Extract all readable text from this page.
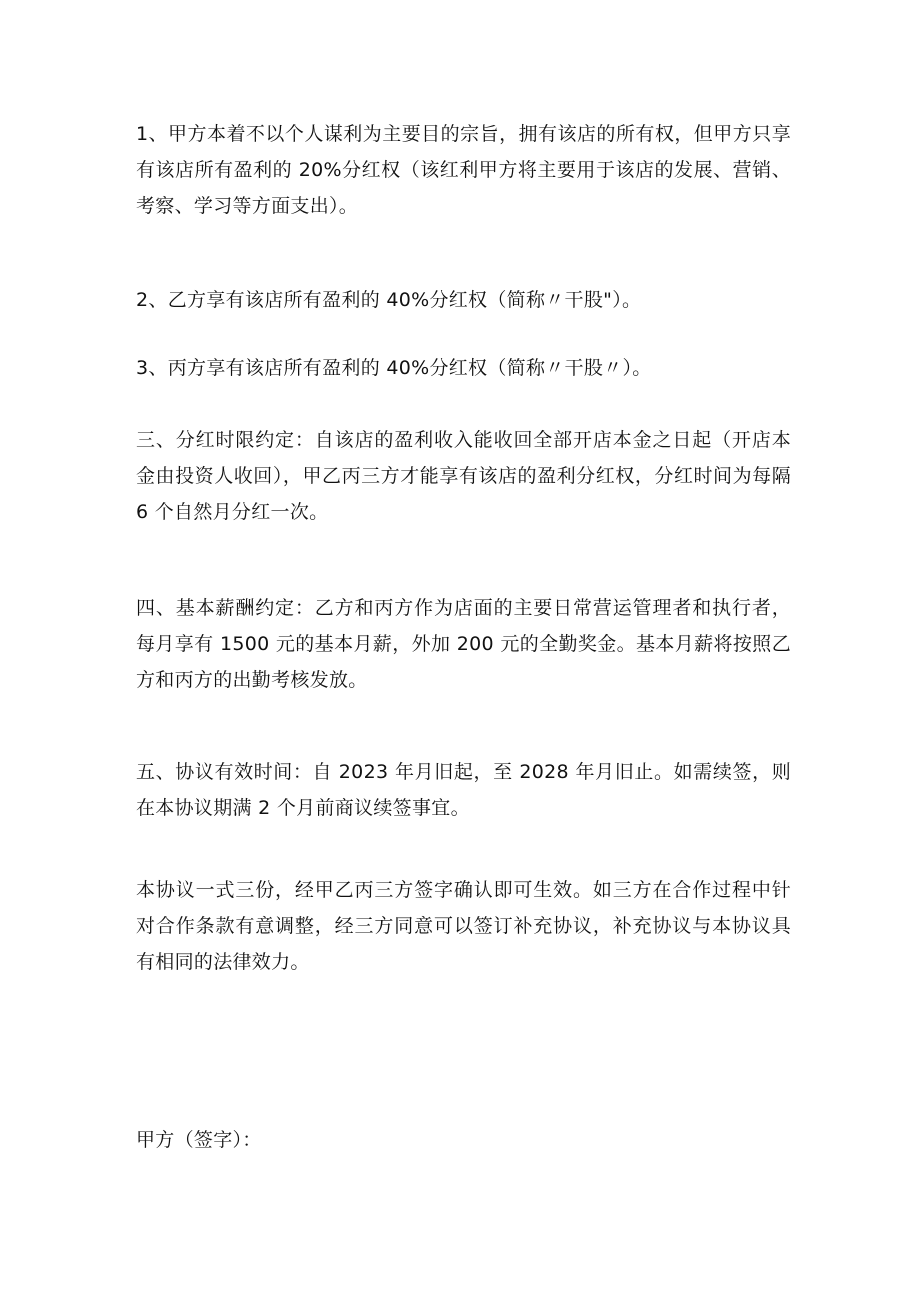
1、甲方本着不以个人谋利为主要目的宗旨，拥有该店的所有权，但甲方只享有该店所有盈利的 20%分红权（该红利甲方将主要用于该店的发展、营销、考察、学习等方面支出）。

2、乙方享有该店所有盈利的 40%分红权（简称〃干股"）。

3、丙方享有该店所有盈利的 40%分红权（简称〃干股〃）。

三、分红时限约定：自该店的盈利收入能收回全部开店本金之日起（开店本金由投资人收回），甲乙丙三方才能享有该店的盈利分红权，分红时间为每隔 6 个自然月分红一次。

四、基本薪酬约定：乙方和丙方作为店面的主要日常营运管理者和执行者，每月享有 1500 元的基本月薪，外加 200 元的全勤奖金。基本月薪将按照乙方和丙方的出勤考核发放。

五、协议有效时间：自 2023 年月旧起，至 2028 年月旧止。如需续签，则在本协议期满 2 个月前商议续签事宜。

本协议一式三份，经甲乙丙三方签字确认即可生效。如三方在合作过程中针对合作条款有意调整，经三方同意可以签订补充协议，补充协议与本协议具有相同的法律效力。

甲方（签字）：
